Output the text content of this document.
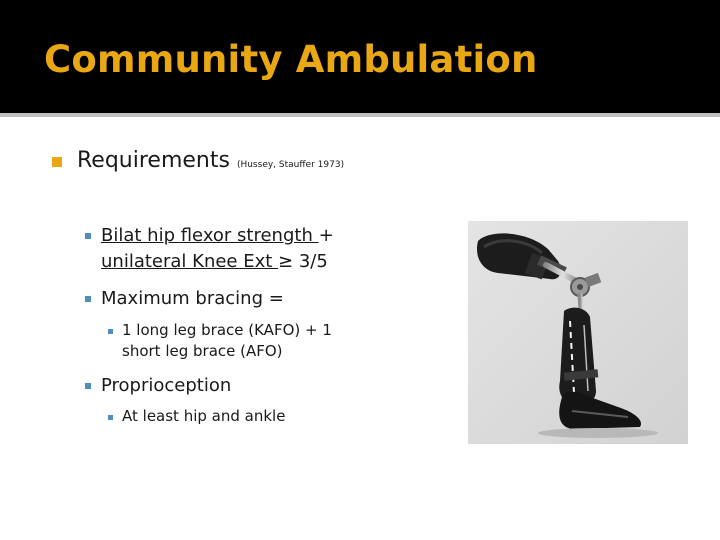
Community Ambulation
Requirements (Hussey, Stauffer 1973)
Bilat hip flexor strength +
unilateral Knee Ext ≥ 3/5
Maximum bracing =
1 long leg brace (KAFO) + 1
short leg brace (AFO)
Proprioception
At least hip and ankle
